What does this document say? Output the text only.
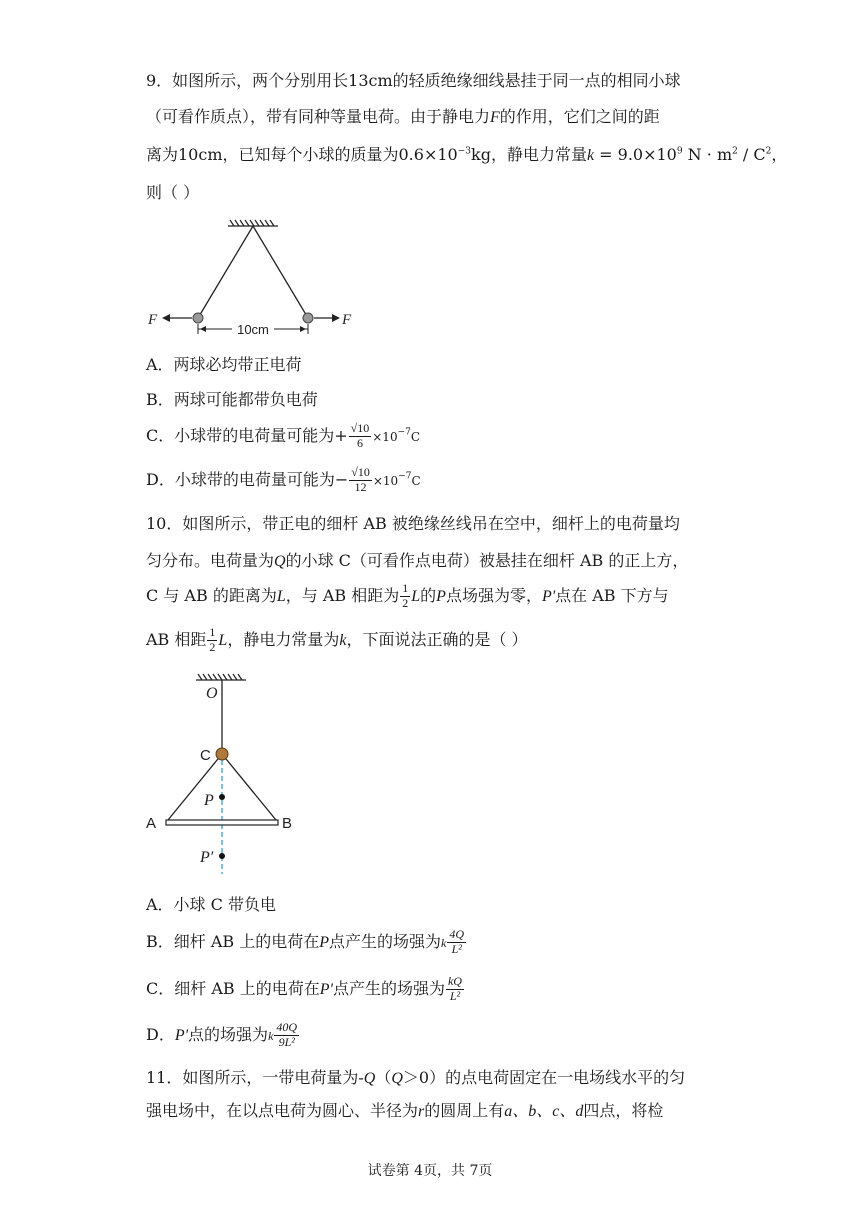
9．如图所示，两个分别用长13cm的轻质绝缘细线悬挂于同一点的相同小球
（可看作质点），带有同种等量电荷。由于静电力F的作用，它们之间的距
离为10cm，已知每个小球的质量为$0.6\times 10^{-3}kg$，静电力常量$k = 9.0\times 10^9$ $N \cdot m^2 / C^2$，
则（ ）
F	F
10cm
A．两球必均带正电荷
B．两球可能都带负电荷
C．小球带的电荷量可能为+ $\frac{√10}{6} \times 10^{-7}C$
D．小球带的电荷量可能为− $\frac{√10}{12} \times 10^{-7}C$
10．如图所示，带正电的细杆 AB 被绝缘丝线吊在空中，细杆上的电荷量均
匀分布。电荷量为Q的小球 C（可看作点电荷）被悬挂在细杆 AB 的正上方，
C 与 AB 的距离为L，与 AB 相距为 $\frac{1}{2}$ L的P点场强为零，P'点在 AB 下方与
AB 相距 $\frac{1}{2}$ L，静电力常量为k，下面说法正确的是（ ）
O
C
P
A	B
P′
A．小球 C 带负电
B．细杆 AB 上的电荷在P点产生的场强为k $\frac{4Q}{\text{L²}}$
C．细杆 AB 上的电荷在P'点产生的场强为 $\frac{kQ}{\text{L²}}$
D．P'点的场强为k $\frac{40Q}{\text{9L²}}$
11．如图所示，一带电荷量为-Q（Q＞0）的点电荷固定在一电场线水平的匀
强电场中，在以点电荷为圆心、半径为r的圆周上有a、b、c、d四点，将检
试卷第 4页，共 7页
